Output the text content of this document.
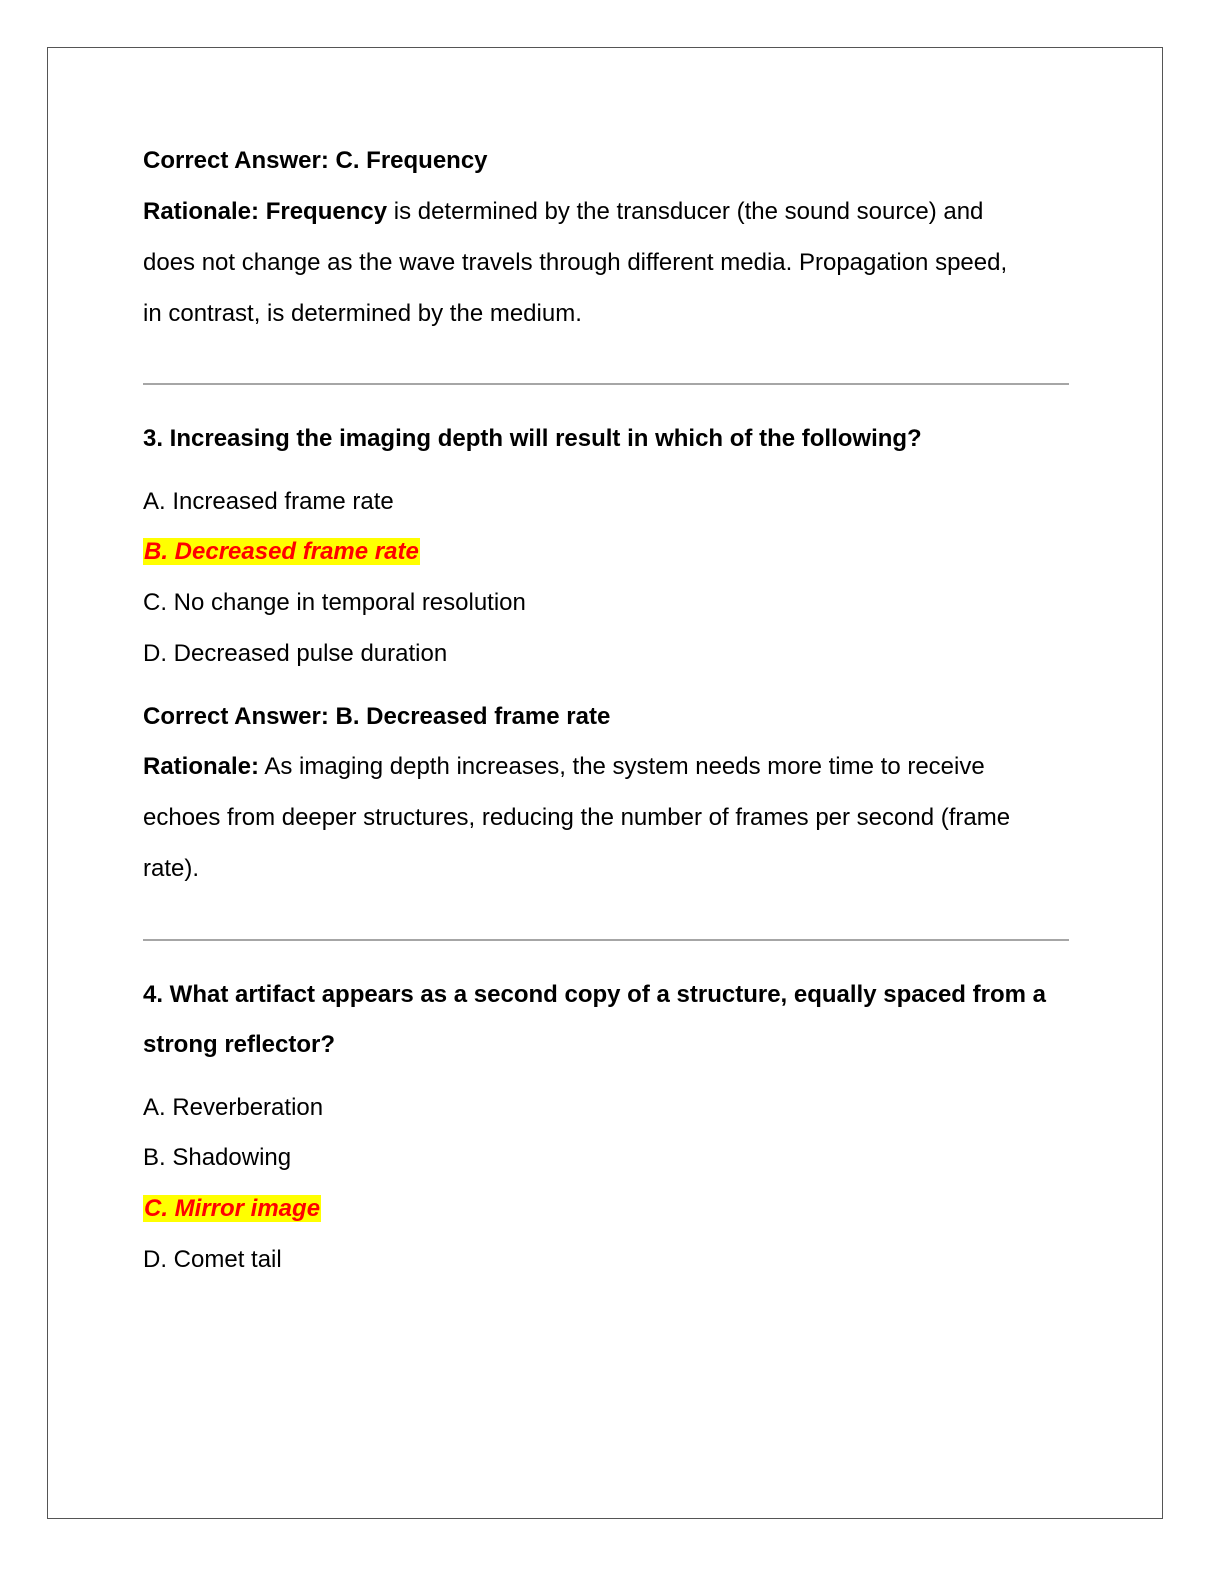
Correct Answer: C. Frequency
Rationale: Frequency is determined by the transducer (the sound source) and
does not change as the wave travels through different media. Propagation speed,
in contrast, is determined by the medium.
3. Increasing the imaging depth will result in which of the following?
A. Increased frame rate
B. Decreased frame rate
C. No change in temporal resolution
D. Decreased pulse duration
Correct Answer: B. Decreased frame rate
Rationale: As imaging depth increases, the system needs more time to receive
echoes from deeper structures, reducing the number of frames per second (frame
rate).
4. What artifact appears as a second copy of a structure, equally spaced from a
strong reflector?
A. Reverberation
B. Shadowing
C. Mirror image
D. Comet tail
